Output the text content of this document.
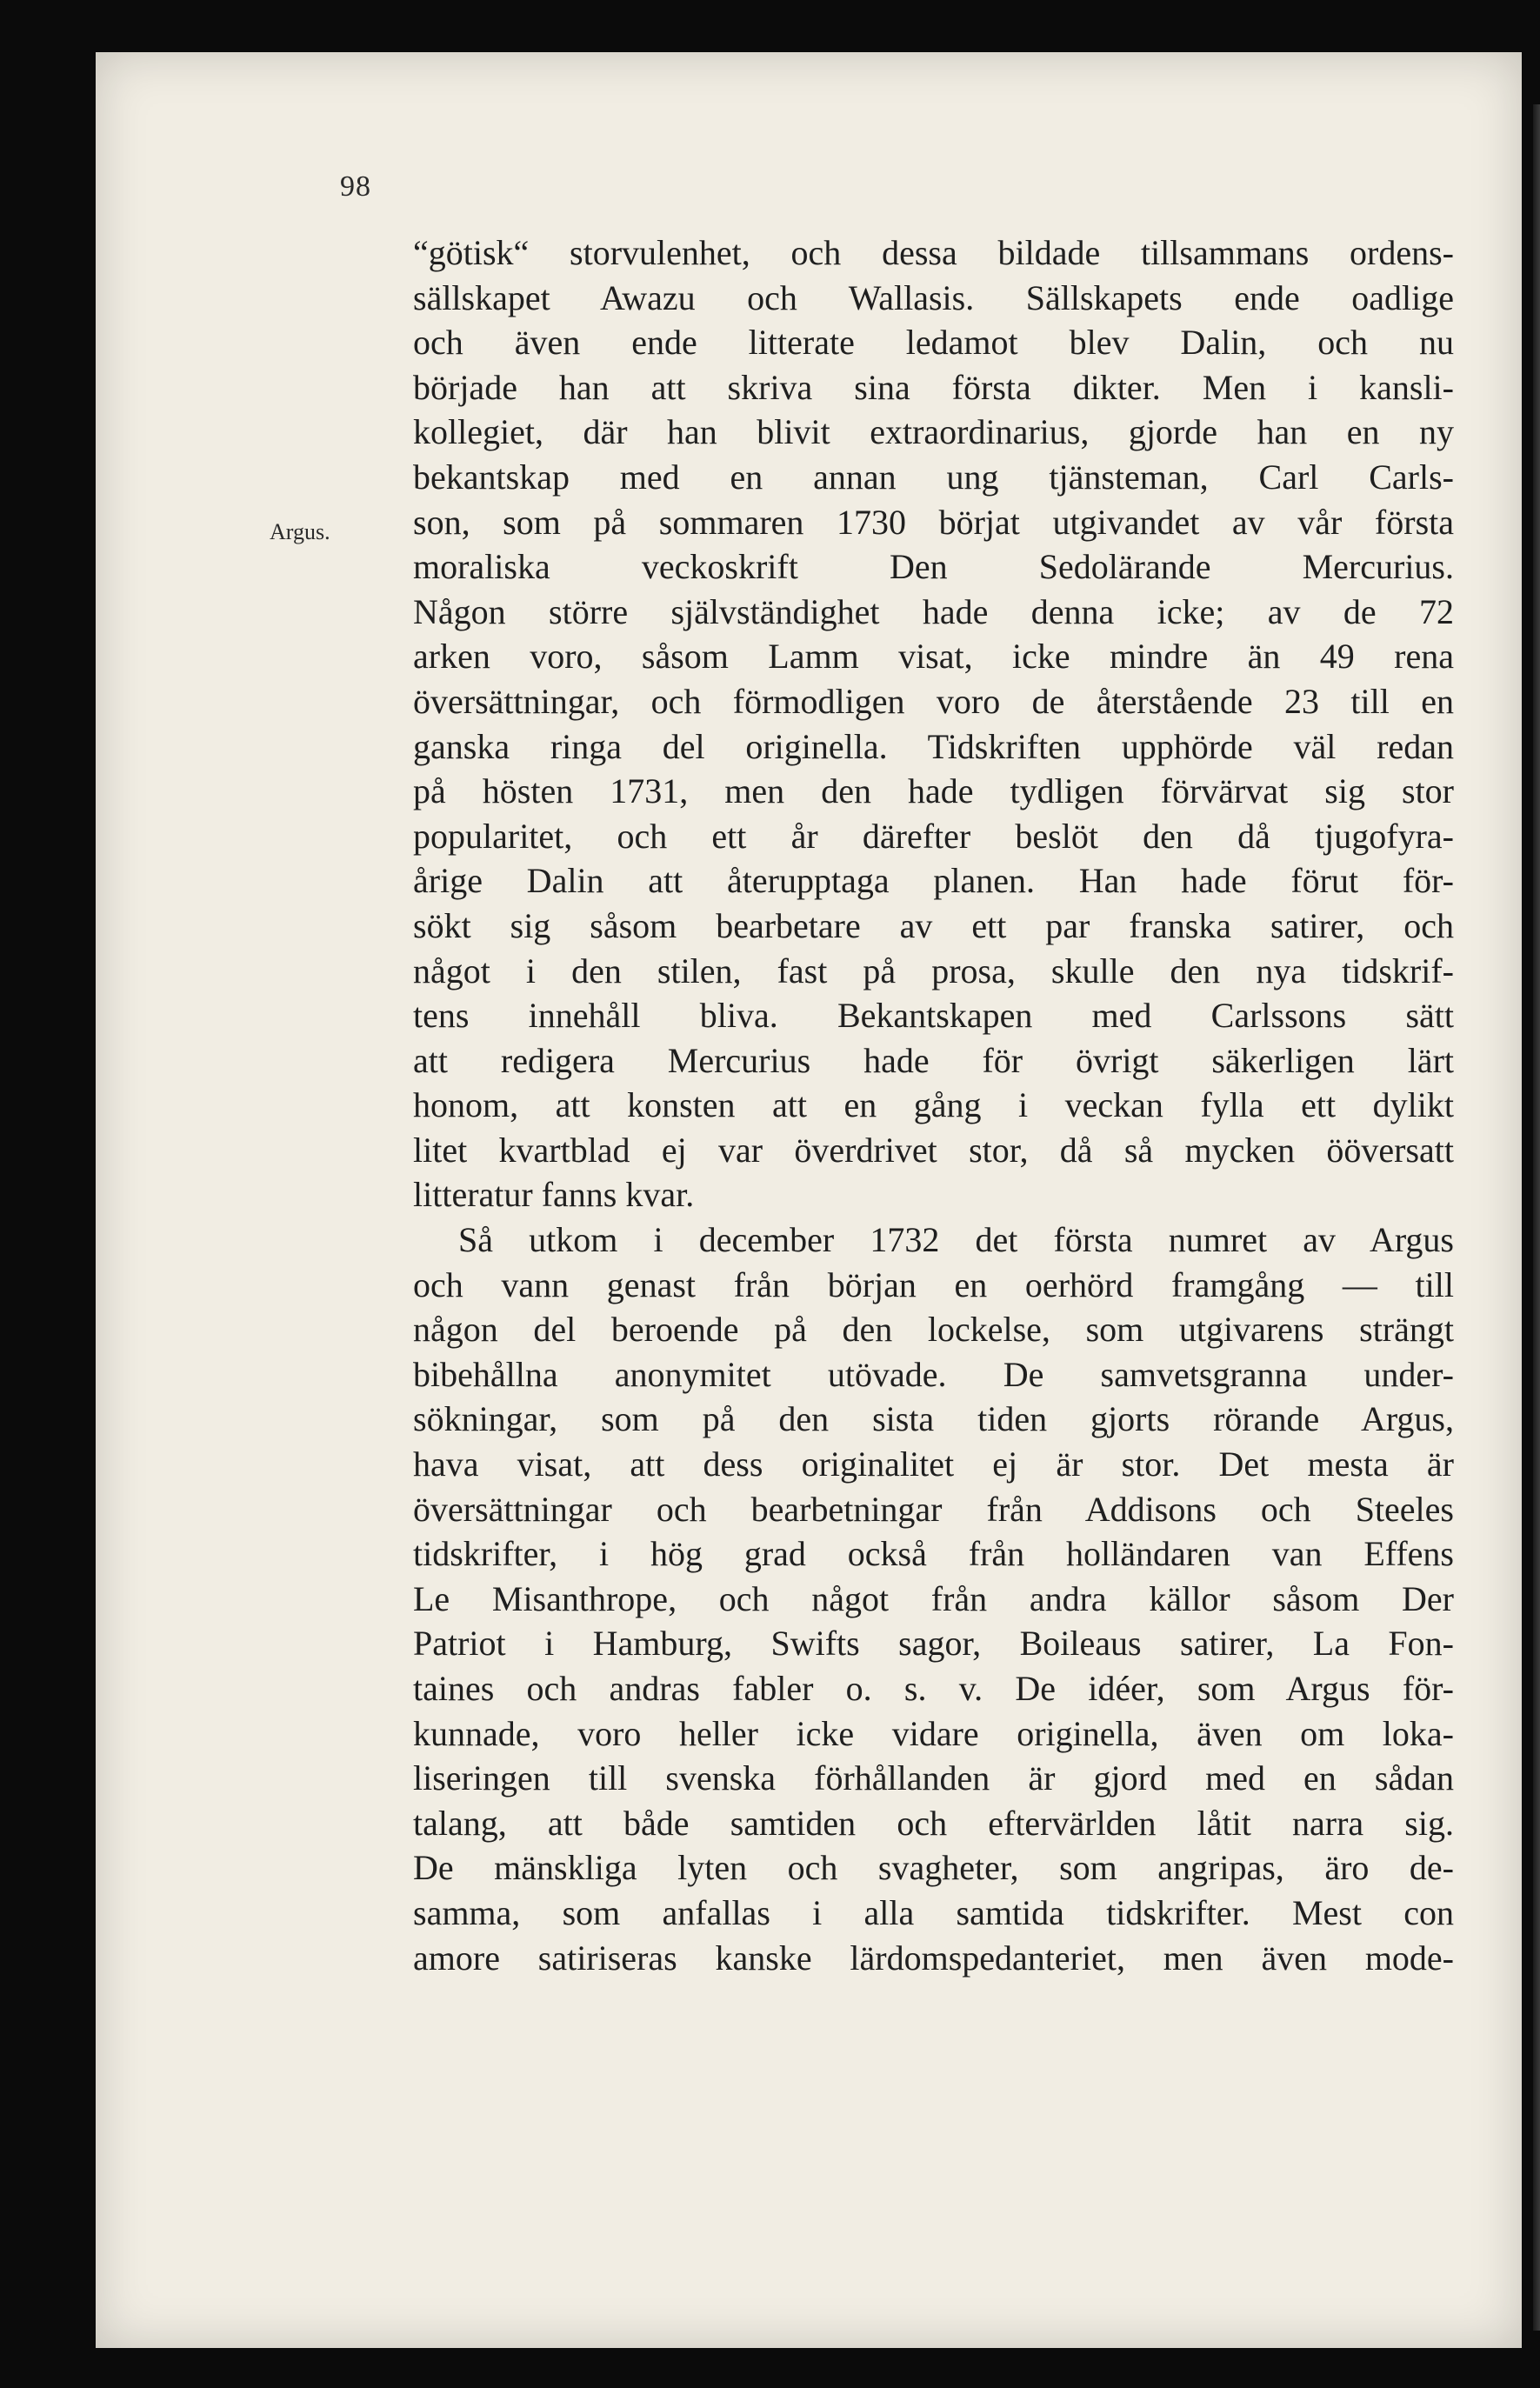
98
Argus.
“götisk“ storvulenhet, och dessa bildade tillsammans ordens-
sällskapet Awazu och Wallasis. Sällskapets ende oadlige
och även ende litterate ledamot blev Dalin, och nu
började han att skriva sina första dikter. Men i kansli-
kollegiet, där han blivit extraordinarius, gjorde han en ny
bekantskap med en annan ung tjänsteman, Carl Carls-
son, som på sommaren 1730 börjat utgivandet av vår första
moraliska veckoskrift Den Sedolärande Mercurius.
Någon större självständighet hade denna icke; av de 72
arken voro, såsom Lamm visat, icke mindre än 49 rena
översättningar, och förmodligen voro de återstående 23 till en
ganska ringa del originella. Tidskriften upphörde väl redan
på hösten 1731, men den hade tydligen förvärvat sig stor
popularitet, och ett år därefter beslöt den då tjugofyra-
årige Dalin att återupptaga planen. Han hade förut för-
sökt sig såsom bearbetare av ett par franska satirer, och
något i den stilen, fast på prosa, skulle den nya tidskrif-
tens innehåll bliva. Bekantskapen med Carlssons sätt
att redigera Mercurius hade för övrigt säkerligen lärt
honom, att konsten att en gång i veckan fylla ett dylikt
litet kvartblad ej var överdrivet stor, då så mycken ööversatt
litteratur fanns kvar.
Så utkom i december 1732 det första numret av Argus
och vann genast från början en oerhörd framgång — till
någon del beroende på den lockelse, som utgivarens strängt
bibehållna anonymitet utövade. De samvetsgranna under-
sökningar, som på den sista tiden gjorts rörande Argus,
hava visat, att dess originalitet ej är stor. Det mesta är
översättningar och bearbetningar från Addisons och Steeles
tidskrifter, i hög grad också från holländaren van Effens
Le Misanthrope, och något från andra källor såsom Der
Patriot i Hamburg, Swifts sagor, Boileaus satirer, La Fon-
taines och andras fabler o. s. v. De idéer, som Argus för-
kunnade, voro heller icke vidare originella, även om loka-
liseringen till svenska förhållanden är gjord med en sådan
talang, att både samtiden och eftervärlden låtit narra sig.
De mänskliga lyten och svagheter, som angripas, äro de-
samma, som anfallas i alla samtida tidskrifter. Mest con
amore satiriseras kanske lärdomspedanteriet, men även mode-
